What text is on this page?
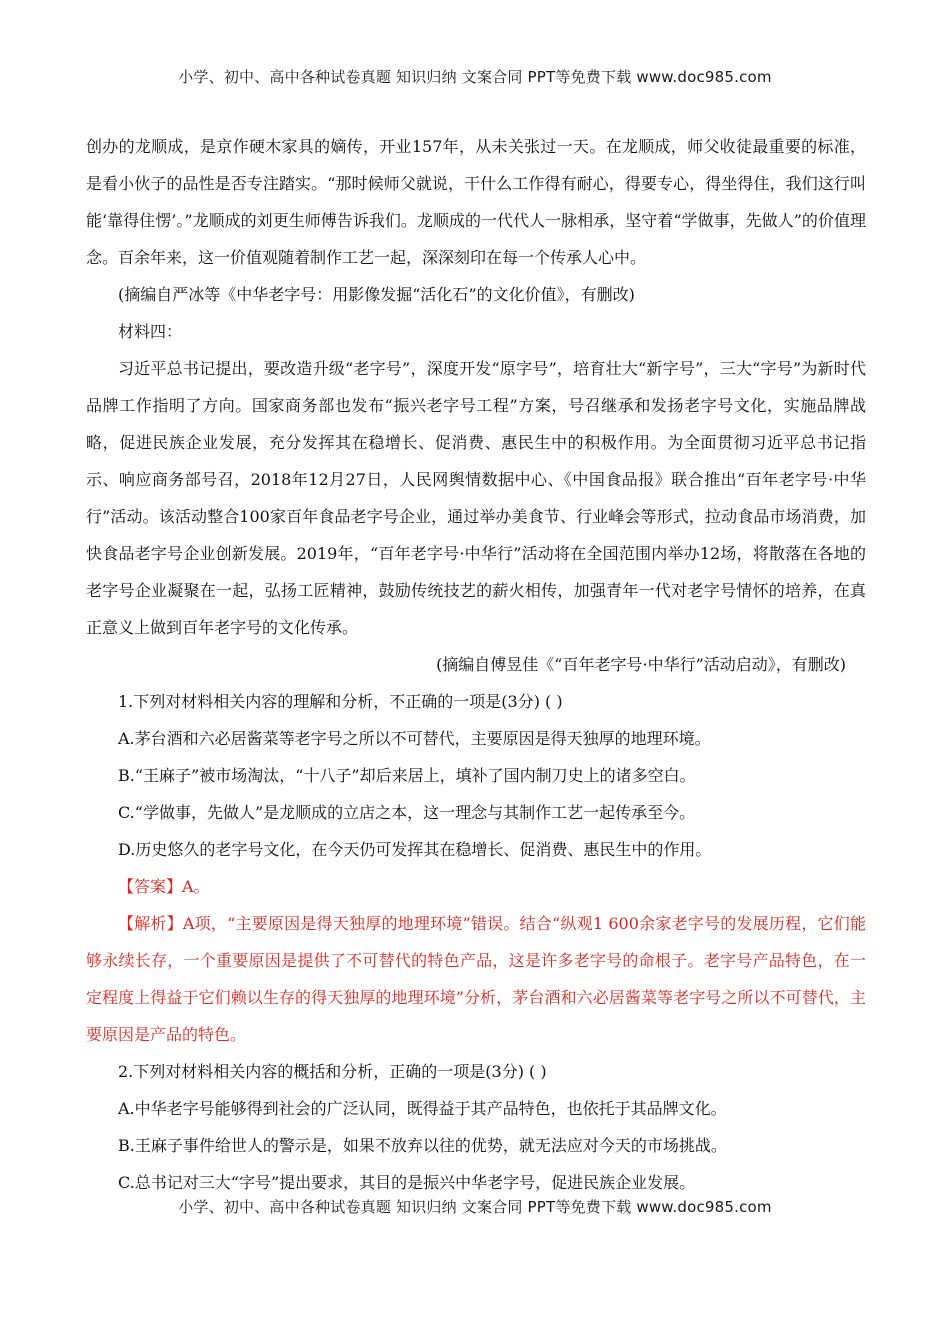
小学、初中、高中各种试卷真题 知识归纳 文案合同 PPT等免费下载 www.doc985.com

创办的龙顺成，是京作硬木家具的嫡传，开业157年，从未关张过一天。在龙顺成，师父收徒最重要的标准，是看小伙子的品性是否专注踏实。“那时候师父就说，干什么工作得有耐心，得要专心，得坐得住，我们这行叫能‘靠得住愣’。”龙顺成的刘更生师傅告诉我们。龙顺成的一代代人一脉相承，坚守着“学做事，先做人”的价值理念。百余年来，这一价值观随着制作工艺一起，深深刻印在每一个传承人心中。

(摘编自严冰等《中华老字号：用影像发掘“活化石”的文化价值》，有删改)

材料四：

习近平总书记提出，要改造升级“老字号”，深度开发“原字号”，培育壮大“新字号”，三大“字号”为新时代品牌工作指明了方向。国家商务部也发布“振兴老字号工程”方案，号召继承和发扬老字号文化，实施品牌战略，促进民族企业发展，充分发挥其在稳增长、促消费、惠民生中的积极作用。为全面贯彻习近平总书记指示、响应商务部号召，2018年12月27日，人民网舆情数据中心、《中国食品报》联合推出“百年老字号·中华行”活动。该活动整合100家百年食品老字号企业，通过举办美食节、行业峰会等形式，拉动食品市场消费，加快食品老字号企业创新发展。2019年，“百年老字号·中华行”活动将在全国范围内举办12场，将散落在各地的老字号企业凝聚在一起，弘扬工匠精神，鼓励传统技艺的薪火相传，加强青年一代对老字号情怀的培养，在真正意义上做到百年老字号的文化传承。

(摘编自傅昱佳《“百年老字号·中华行”活动启动》，有删改)

1.下列对材料相关内容的理解和分析，不正确的一项是(3分) ( )

A.茅台酒和六必居酱菜等老字号之所以不可替代，主要原因是得天独厚的地理环境。

B.“王麻子”被市场淘汰，“十八子”却后来居上，填补了国内制刀史上的诸多空白。

C.“学做事，先做人”是龙顺成的立店之本，这一理念与其制作工艺一起传承至今。

D.历史悠久的老字号文化，在今天仍可发挥其在稳增长、促消费、惠民生中的作用。

【答案】A。

【解析】A项，“主要原因是得天独厚的地理环境”错误。结合“纵观1 600余家老字号的发展历程，它们能够永续长存，一个重要原因是提供了不可替代的特色产品，这是许多老字号的命根子。老字号产品特色，在一定程度上得益于它们赖以生存的得天独厚的地理环境”分析，茅台酒和六必居酱菜等老字号之所以不可替代，主要原因是产品的特色。

2.下列对材料相关内容的概括和分析，正确的一项是(3分) ( )

A.中华老字号能够得到社会的广泛认同，既得益于其产品特色，也依托于其品牌文化。

B.王麻子事件给世人的警示是，如果不放弃以往的优势，就无法应对今天的市场挑战。

C.总书记对三大“字号”提出要求，其目的是振兴中华老字号，促进民族企业发展。

小学、初中、高中各种试卷真题 知识归纳 文案合同 PPT等免费下载 www.doc985.com
